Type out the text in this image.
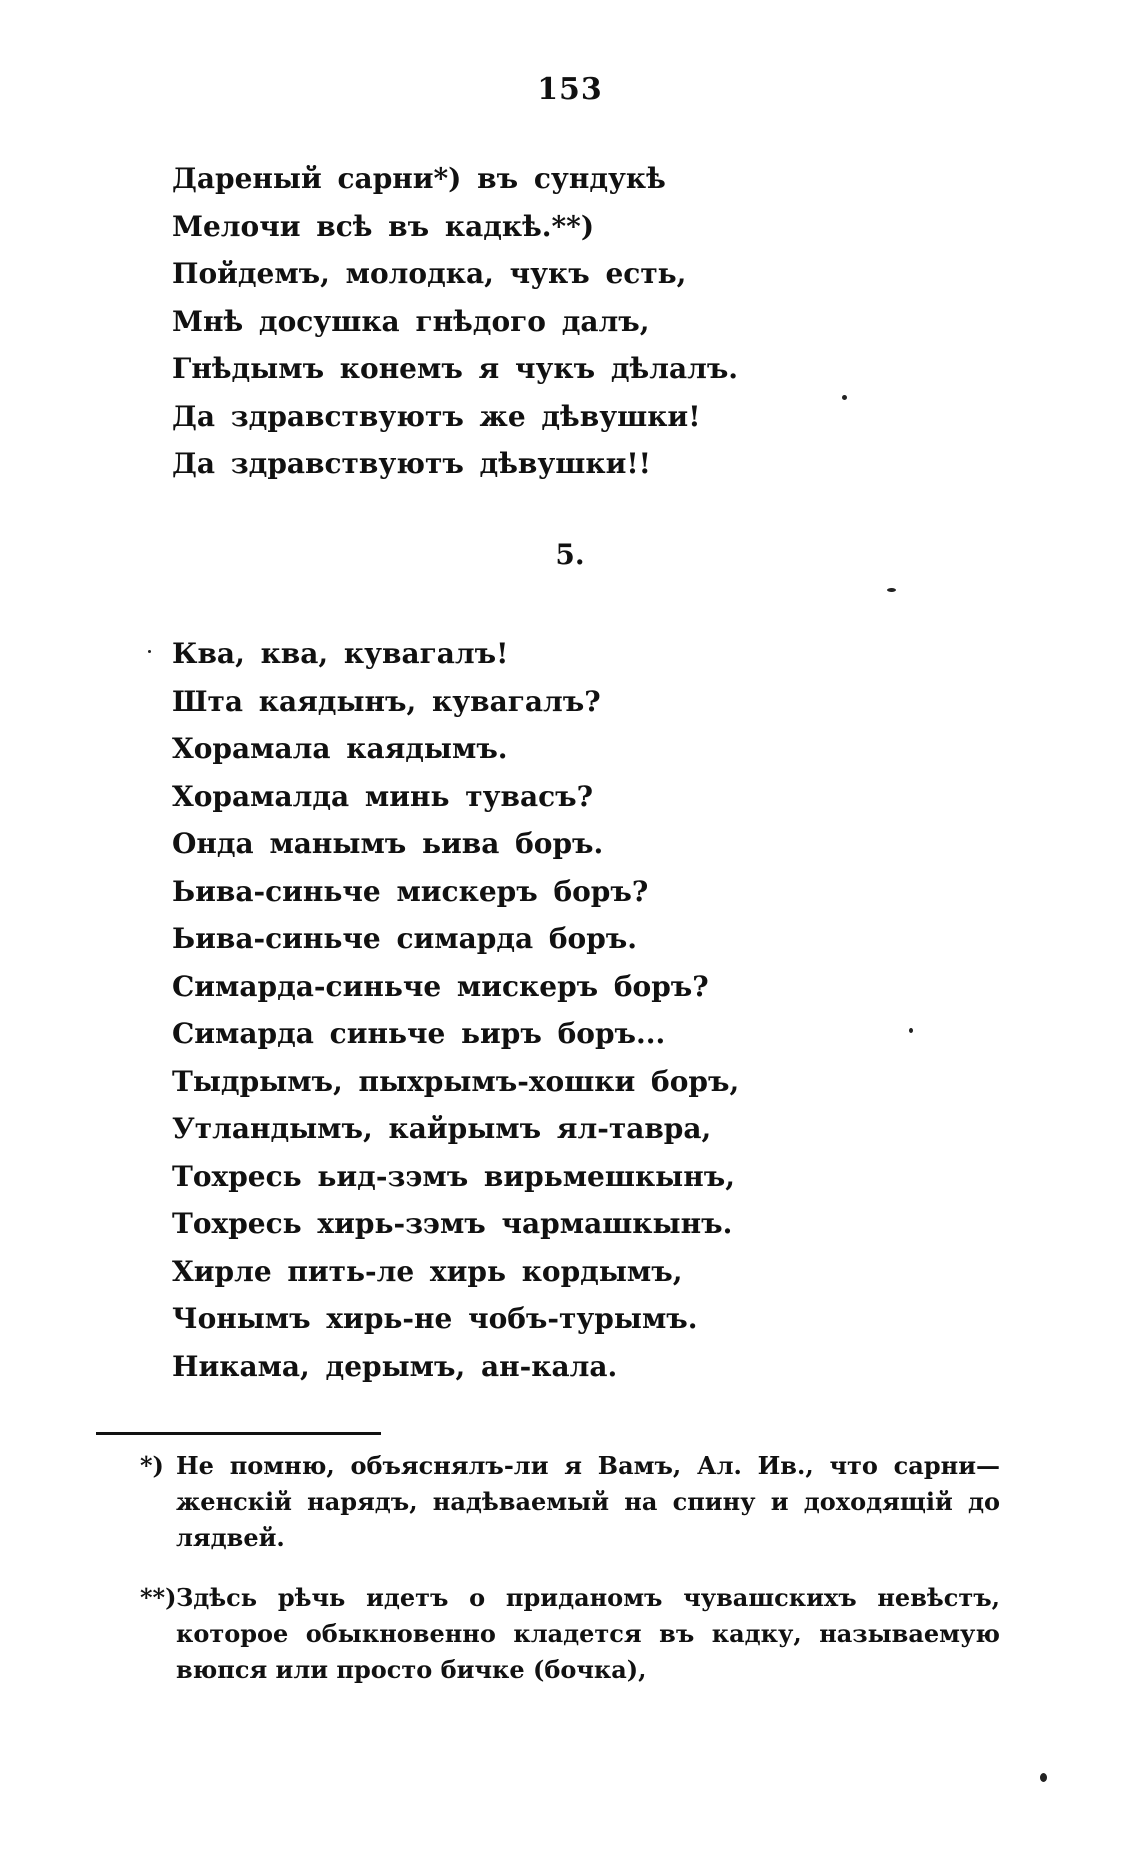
153
Дареный сарни*) въ сундукѣ
Мелочи всѣ въ кадкѣ.**)
Пойдемъ, молодка, чукъ есть,
Мнѣ досушка гнѣдого далъ,
Гнѣдымъ конемъ я чукъ дѣлалъ.
Да здравствуютъ же дѣвушки!
Да здравствуютъ дѣвушки!!
5.
Ква, ква, кувагалъ!
Шта каядынъ, кувагалъ?
Хорамала каядымъ.
Хорамалда минь тувасъ?
Онда манымъ ьива боръ.
Ьива-синьче мискеръ боръ?
Ьива-синьче симарда боръ.
Симарда-синьче мискеръ боръ?
Симарда синьче ьиръ боръ...
Тыдрымъ, пыхрымъ-хошки боръ,
Утландымъ, кайрымъ ял-тавра,
Тохресь ьид-зэмъ вирьмешкынъ,
Тохресь хирь-зэмъ чармашкынъ.
Хирле пить-ле хирь кордымъ,
Чонымъ хирь-не чобъ-турымъ.
Никама, дерымъ, ан-кала.

*) Не помню, объяснялъ-ли я Вамъ, Ал. Ив., что сарни—женскій нарядъ, надѣваемый на спину и доходящій до лядвей.

**) Здѣсь рѣчь идетъ о приданомъ чувашскихъ невѣстъ, которое обыкновенно кладется въ кадку, называемую вюпся или просто бичке (бочка),
